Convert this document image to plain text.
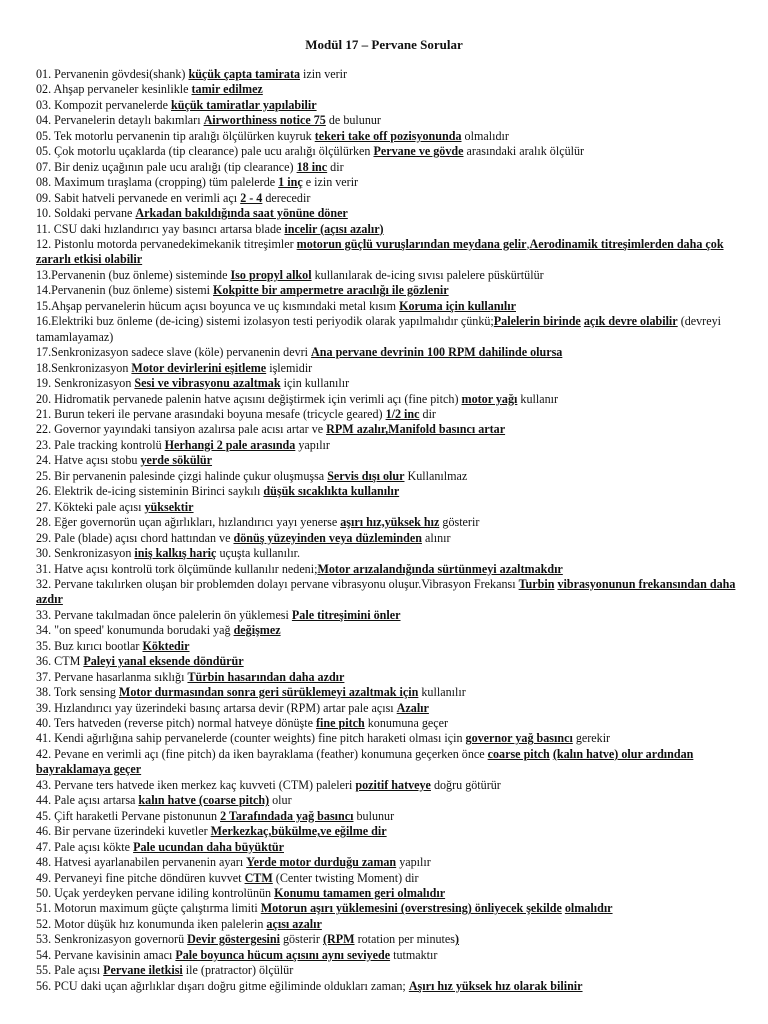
Modül 17 – Pervane Sorular
01. Pervanenin gövdesi(shank) küçük çapta tamirata izin verir
02. Ahşap pervaneler kesinlikle tamir edilmez
03. Kompozit pervanelerde küçük tamiratlar yapılabilir
04. Pervanelerin detaylı bakımları Airworthiness notice 75 de bulunur
05. Tek motorlu pervanenin tip aralığı ölçülürken kuyruk tekeri take off pozisyonunda olmalıdır
05. Çok motorlu uçaklarda (tip clearance) pale ucu aralığı ölçülürken Pervane ve gövde arasındaki aralık ölçülür
07. Bir deniz uçağının pale ucu aralığı (tip clearance) 18 inc dir
08. Maximum tıraşlama (cropping) tüm palelerde 1 inç e izin verir
09. Sabit hatveli pervanede en verimli açı 2 - 4 derecedir
10. Soldaki pervane Arkadan bakıldığında saat yönüne döner
11. CSU daki hızlandırıcı yay basıncı artarsa blade incelir (açısı azalır)
12. Pistonlu motorda pervanedekimekanik titreşimler motorun güçlü vuruşlarından meydana gelir,Aerodinamik titreşimlerden daha çok zararlı etkisi olabilir
13.Pervanenin (buz önleme) sisteminde Iso propyl alkol kullanılarak de-icing sıvısı palelere püskürtülür
14.Pervanenin (buz önleme) sistemi Kokpitte bir ampermetre aracılığı ile gözlenir
15.Ahşap pervanelerin hücum açısı boyunca ve uç kısmındaki metal kısım Koruma için kullanılır
16.Elektriki buz önleme (de-icing) sistemi izolasyon testi periyodik olarak yapılmalıdır çünkü;Palelerin birinde açık devre olabilir (devreyi tamamlayamaz)
17.Senkronizasyon sadece slave (köle) pervanenin devri Ana pervane devrinin 100 RPM dahilinde olursa
18.Senkronizasyon Motor devirlerini eşitleme işlemidir
19. Senkronizasyon Sesi ve vibrasyonu azaltmak için kullanılır
20. Hidromatik pervanede palenin hatve açısını değiştirmek için verimli açı (fine pitch) motor yağı kullanır
21. Burun tekeri ile pervane arasındaki boyuna mesafe (tricycle geared) 1/2 inc dir
22. Governor yayındaki tansiyon azalırsa pale acısı artar ve RPM azalır,Manifold basıncı artar
23. Pale tracking kontrolü Herhangi 2 pale arasında yapılır
24. Hatve açısı stobu yerde sökülür
25. Bir pervanenin palesinde çizgi halinde çukur oluşmuşsa Servis dışı olur Kullanılmaz
26. Elektrik de-icing sisteminin Birinci saykılı düşük sıcaklıkta kullanılır
27. Kökteki pale açısı yüksektir
28. Eğer governorün uçan ağırlıkları, hızlandırıcı yayı yenerse aşırı hız,yüksek hız gösterir
29. Pale (blade) açısı chord hattından ve dönüş yüzeyinden veya düzleminden alınır
30. Senkronizasyon iniş kalkış hariç uçuşta kullanılır.
31. Hatve açısı kontrolü tork ölçümünde kullanılır nedeni;Motor arızalandığında sürtünmeyi azaltmakdır
32. Pervane takılırken oluşan bir problemden dolayı pervane vibrasyonu oluşur.Vibrasyon Frekansı Turbin vibrasyonunun frekansından daha azdır
33. Pervane takılmadan önce palelerin ön yüklemesi Pale titreşimini önler
34. "on speed' konumunda borudaki yağ değişmez
35. Buz kırıcı bootlar Köktedir
36. CTM Paleyi yanal eksende döndürür
37. Pervane hasarlanma sıklığı Türbin hasarından daha azdır
38. Tork sensing Motor durmasından sonra geri sürüklemeyi azaltmak için kullanılır
39. Hızlandırıcı yay üzerindeki basınç artarsa devir (RPM) artar pale açısı Azalır
40. Ters hatveden (reverse pitch) normal hatveye dönüşte fine pitch konumuna geçer
41. Kendi ağırlığına sahip pervanelerde (counter weights) fine pitch haraketi olması için governor yağ basıncı gerekir
42. Pevane en verimli açı (fine pitch) da iken bayraklama (feather) konumuna geçerken önce coarse pitch (kalın hatve) olur ardından bayraklamaya geçer
43. Pervane ters hatvede iken merkez kaç kuvveti (CTM) paleleri pozitif hatveye doğru götürür
44. Pale açısı artarsa kalın hatve (coarse pitch) olur
45. Çift haraketli Pervane pistonunun 2 Tarafındada yağ basıncı bulunur
46. Bir pervane üzerindeki kuvetler Merkezkaç,bükülme,ve eğilme dir
47. Pale açısı kökte Pale ucundan daha büyüktür
48. Hatvesi ayarlanabilen pervanenin ayarı Yerde motor durduğu zaman yapılır
49. Pervaneyi fine pitche döndüren kuvvet CTM (Center twisting Moment) dir
50. Uçak yerdeyken pervane idiling kontrolünün Konumu tamamen geri olmalıdır
51. Motorun maximum güçte çalıştırma limiti Motorun aşırı yüklemesini (overstresing) önliyecek şekilde olmalıdır
52. Motor düşük hız konumunda iken palelerin açısı azalır
53. Senkronizasyon governorü Devir göstergesini gösterir (RPM rotation per minutes)
54. Pervane kavisinin amacı Pale boyunca hücum açısını aynı seviyede tutmaktır
55. Pale açısı Pervane iletkisi ile (pratractor) ölçülür
56. PCU daki uçan ağırlıklar dışarı doğru gitme eğiliminde oldukları zaman; Aşırı hız yüksek hız olarak bilinir
